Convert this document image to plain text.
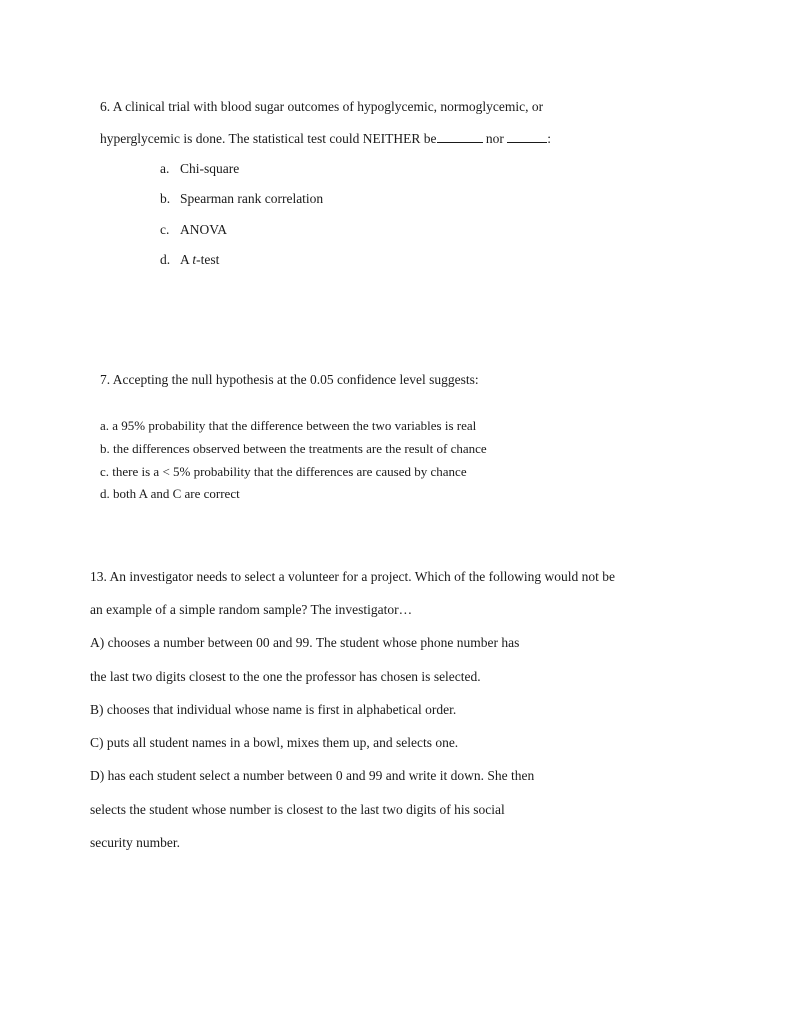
6. A clinical trial with blood sugar outcomes of hypoglycemic, normoglycemic, or
hyperglycemic is done. The statistical test could NEITHER be	nor	:
a. Chi-square
b. Spearman rank correlation
c. ANOVA
d. A t-test
7. Accepting the null hypothesis at the 0.05 confidence level suggests:
a. a 95% probability that the difference between the two variables is real
b. the differences observed between the treatments are the result of chance
c. there is a < 5% probability that the differences are caused by chance
d. both A and C are correct
13. An investigator needs to select a volunteer for a project. Which of the following would not be
an example of a simple random sample? The investigator…
A) chooses a number between 00 and 99. The student whose phone number has
the last two digits closest to the one the professor has chosen is selected.
B) chooses that individual whose name is first in alphabetical order.
C) puts all student names in a bowl, mixes them up, and selects one.
D) has each student select a number between 0 and 99 and write it down. She then
selects the student whose number is closest to the last two digits of his social
security number.
